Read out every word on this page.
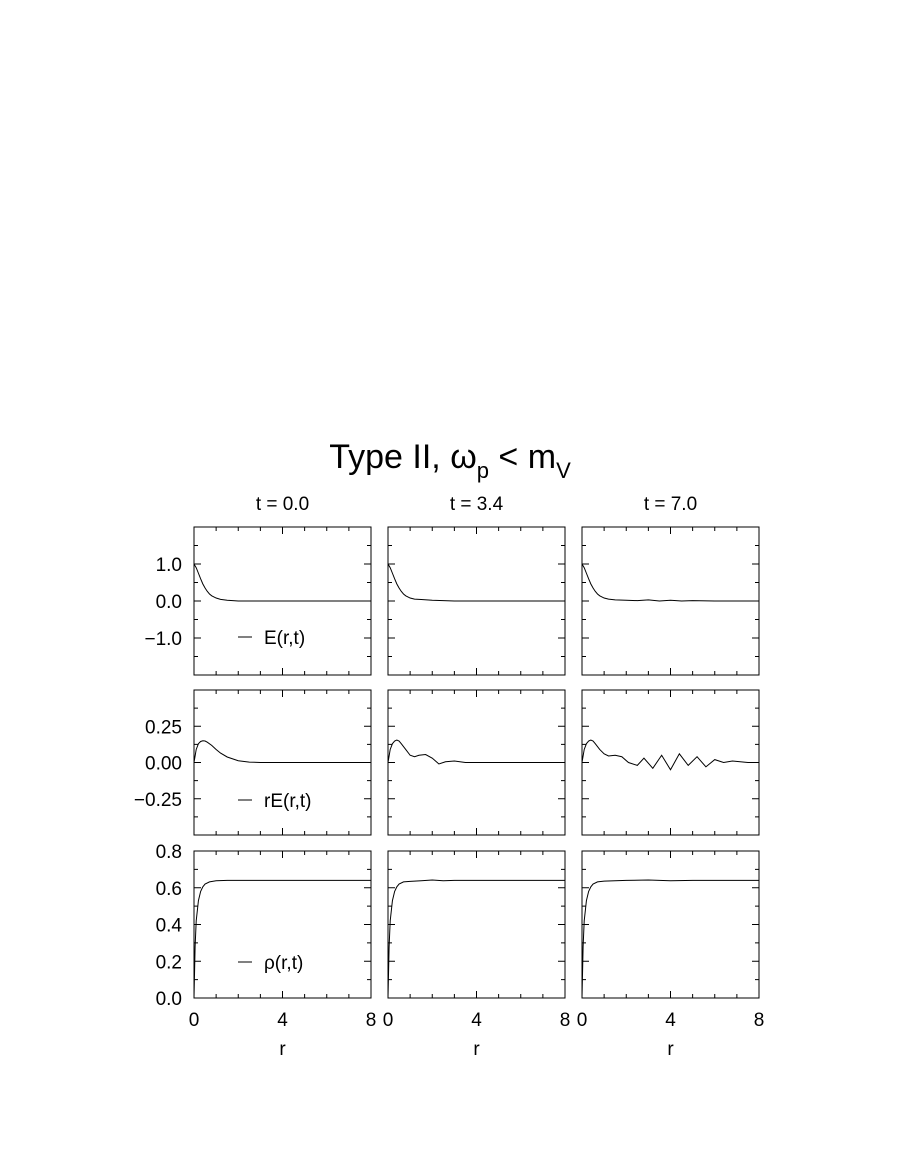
Type II, $\omega_p < m_V$
1.0
0.0
−1.0	E(r,t)
t = 0.0	t = 3.4	t = 7.0
0.25
0.00
−0.25	rE(r,t)
0.8
0.6
0.4
0.2
0.0
ρ(r,t)
0	4	8
r
0	4	8
r
0	4	8
r
